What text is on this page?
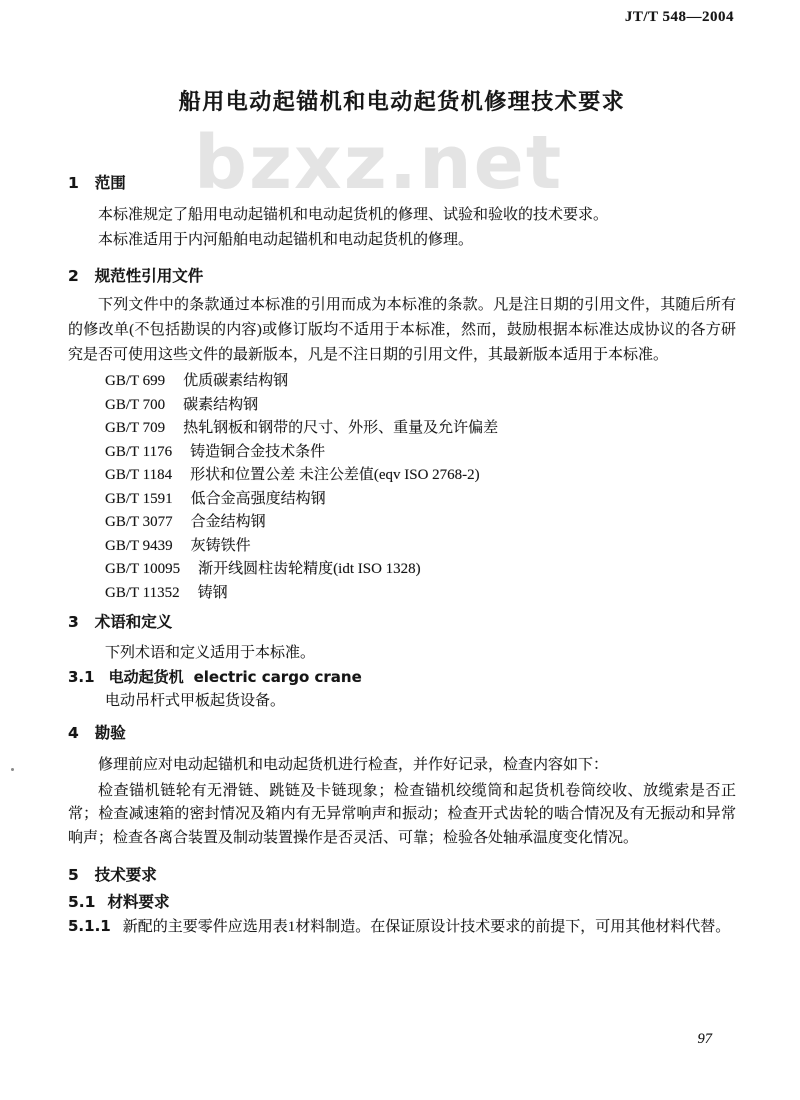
JT/T 548—2004
bzxz.net
船用电动起锚机和电动起货机修理技术要求
1 范围

本标准规定了船用电动起锚机和电动起货机的修理、试验和验收的技术要求。

本标准适用于内河船舶电动起锚机和电动起货机的修理。

2 规范性引用文件

下列文件中的条款通过本标准的引用而成为本标准的条款。凡是注日期的引用文件，其随后所有的修改单(不包括勘误的内容)或修订版均不适用于本标准，然而，鼓励根据本标准达成协议的各方研究是否可使用这些文件的最新版本，凡是不注日期的引用文件，其最新版本适用于本标准。

GB/T 699 优质碳素结构钢
GB/T 700 碳素结构钢
GB/T 709 热轧钢板和钢带的尺寸、外形、重量及允许偏差
GB/T 1176 铸造铜合金技术条件
GB/T 1184 形状和位置公差 未注公差值(eqv ISO 2768-2)
GB/T 1591 低合金高强度结构钢
GB/T 3077 合金结构钢
GB/T 9439 灰铸铁件
GB/T 10095 渐开线圆柱齿轮精度(idt ISO 1328)
GB/T 11352 铸钢
3 术语和定义
下列术语和定义适用于本标准。
3.1 电动起货机 electric cargo crane
电动吊杆式甲板起货设备。
4 勘验

修理前应对电动起锚机和电动起货机进行检查，并作好记录，检查内容如下：

检查锚机链轮有无滑链、跳链及卡链现象；检查锚机绞缆筒和起货机卷筒绞收、放缆索是否正常；检查减速箱的密封情况及箱内有无异常响声和振动；检查开式齿轮的啮合情况及有无振动和异常响声；检查各离合装置及制动装置操作是否灵活、可靠；检验各处轴承温度变化情况。

5 技术要求
5.1 材料要求

5.1.1 新配的主要零件应选用表1材料制造。在保证原设计技术要求的前提下，可用其他材料代替。

97
